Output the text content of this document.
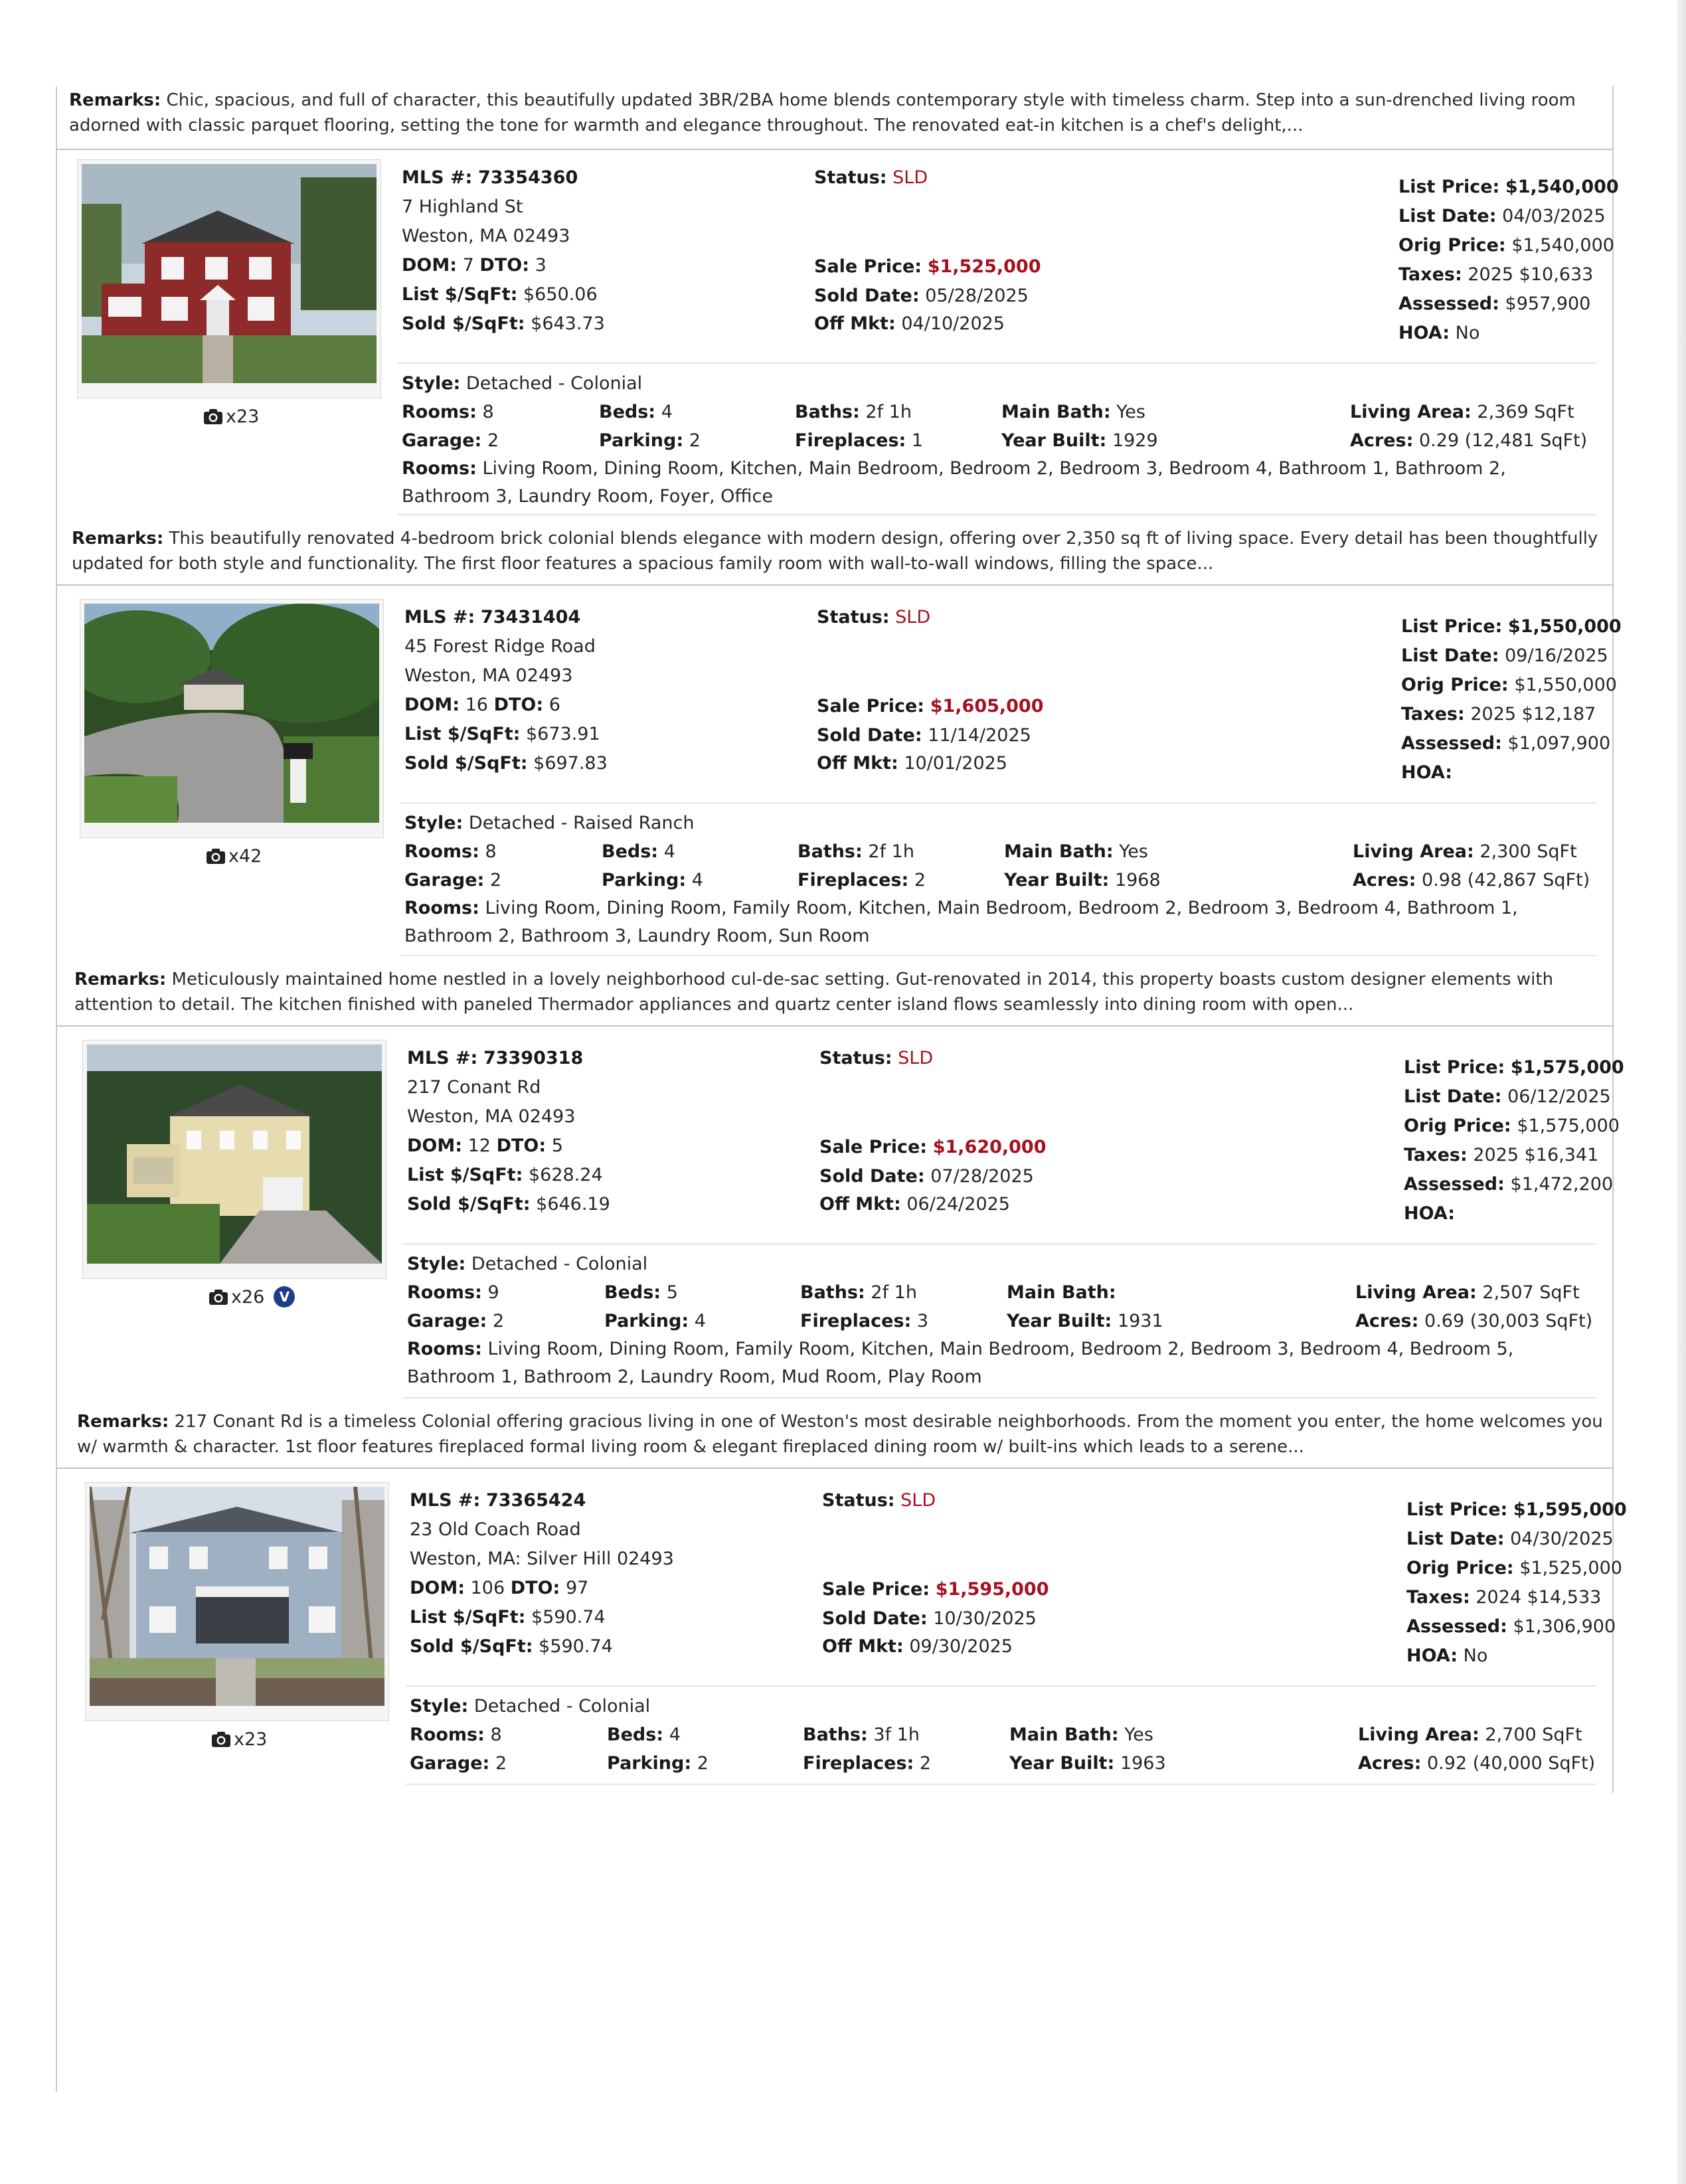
Remarks: Chic, spacious, and full of character, this beautifully updated 3BR/2BA home blends contemporary style with timeless charm. Step into a sun-drenched living room adorned with classic parquet flooring, setting the tone for warmth and elegance throughout. The renovated eat-in kitchen is a chef's delight,...
x23
MLS #: 73354360
7 Highland St
Weston, MA 02493
DOM: 7 DTO: 3
List $/SqFt: $650.06
Sold $/SqFt: $643.73
Status: SLD
Sale Price: $1,525,000
Sold Date: 05/28/2025
Off Mkt: 04/10/2025
List Price: $1,540,000
List Date: 04/03/2025
Orig Price: $1,540,000
Taxes: 2025 $10,633
Assessed: $957,900
HOA: No
Style: Detached - Colonial
Rooms: 8	Beds: 4	Baths: 2f 1h	Main Bath: Yes	Living Area: 2,369 SqFt
Garage: 2	Parking: 2	Fireplaces: 1	Year Built: 1929	Acres: 0.29 (12,481 SqFt)
Rooms: Living Room, Dining Room, Kitchen, Main Bedroom, Bedroom 2, Bedroom 3, Bedroom 4, Bathroom 1, Bathroom 2, Bathroom 3, Laundry Room, Foyer, Office
Remarks: This beautifully renovated 4-bedroom brick colonial blends elegance with modern design, offering over 2,350 sq ft of living space. Every detail has been thoughtfully updated for both style and functionality. The first floor features a spacious family room with wall-to-wall windows, filling the space...
x42
MLS #: 73431404
45 Forest Ridge Road
Weston, MA 02493
DOM: 16 DTO: 6
List $/SqFt: $673.91
Sold $/SqFt: $697.83
Status: SLD
Sale Price: $1,605,000
Sold Date: 11/14/2025
Off Mkt: 10/01/2025
List Price: $1,550,000
List Date: 09/16/2025
Orig Price: $1,550,000
Taxes: 2025 $12,187
Assessed: $1,097,900
HOA:
Style: Detached - Raised Ranch
Rooms: 8	Beds: 4	Baths: 2f 1h	Main Bath: Yes	Living Area: 2,300 SqFt
Garage: 2	Parking: 4	Fireplaces: 2	Year Built: 1968	Acres: 0.98 (42,867 SqFt)
Rooms: Living Room, Dining Room, Family Room, Kitchen, Main Bedroom, Bedroom 2, Bedroom 3, Bedroom 4, Bathroom 1, Bathroom 2, Bathroom 3, Laundry Room, Sun Room
Remarks: Meticulously maintained home nestled in a lovely neighborhood cul-de-sac setting. Gut-renovated in 2014, this property boasts custom designer elements with attention to detail. The kitchen finished with paneled Thermador appliances and quartz center island flows seamlessly into dining room with open...
x26 V
MLS #: 73390318
217 Conant Rd
Weston, MA 02493
DOM: 12 DTO: 5
List $/SqFt: $628.24
Sold $/SqFt: $646.19
Status: SLD
Sale Price: $1,620,000
Sold Date: 07/28/2025
Off Mkt: 06/24/2025
List Price: $1,575,000
List Date: 06/12/2025
Orig Price: $1,575,000
Taxes: 2025 $16,341
Assessed: $1,472,200
HOA:
Style: Detached - Colonial
Rooms: 9	Beds: 5	Baths: 2f 1h	Main Bath:	Living Area: 2,507 SqFt
Garage: 2	Parking: 4	Fireplaces: 3	Year Built: 1931	Acres: 0.69 (30,003 SqFt)
Rooms: Living Room, Dining Room, Family Room, Kitchen, Main Bedroom, Bedroom 2, Bedroom 3, Bedroom 4, Bedroom 5, Bathroom 1, Bathroom 2, Laundry Room, Mud Room, Play Room
Remarks: 217 Conant Rd is a timeless Colonial offering gracious living in one of Weston's most desirable neighborhoods. From the moment you enter, the home welcomes you w/ warmth & character. 1st floor features fireplaced formal living room & elegant fireplaced dining room w/ built-ins which leads to a serene...
x23
MLS #: 73365424
23 Old Coach Road
Weston, MA: Silver Hill 02493
DOM: 106 DTO: 97
List $/SqFt: $590.74
Sold $/SqFt: $590.74
Status: SLD
Sale Price: $1,595,000
Sold Date: 10/30/2025
Off Mkt: 09/30/2025
List Price: $1,595,000
List Date: 04/30/2025
Orig Price: $1,525,000
Taxes: 2024 $14,533
Assessed: $1,306,900
HOA: No
Style: Detached - Colonial
Rooms: 8	Beds: 4	Baths: 3f 1h	Main Bath: Yes	Living Area: 2,700 SqFt
Garage: 2	Parking: 2	Fireplaces: 2	Year Built: 1963	Acres: 0.92 (40,000 SqFt)
